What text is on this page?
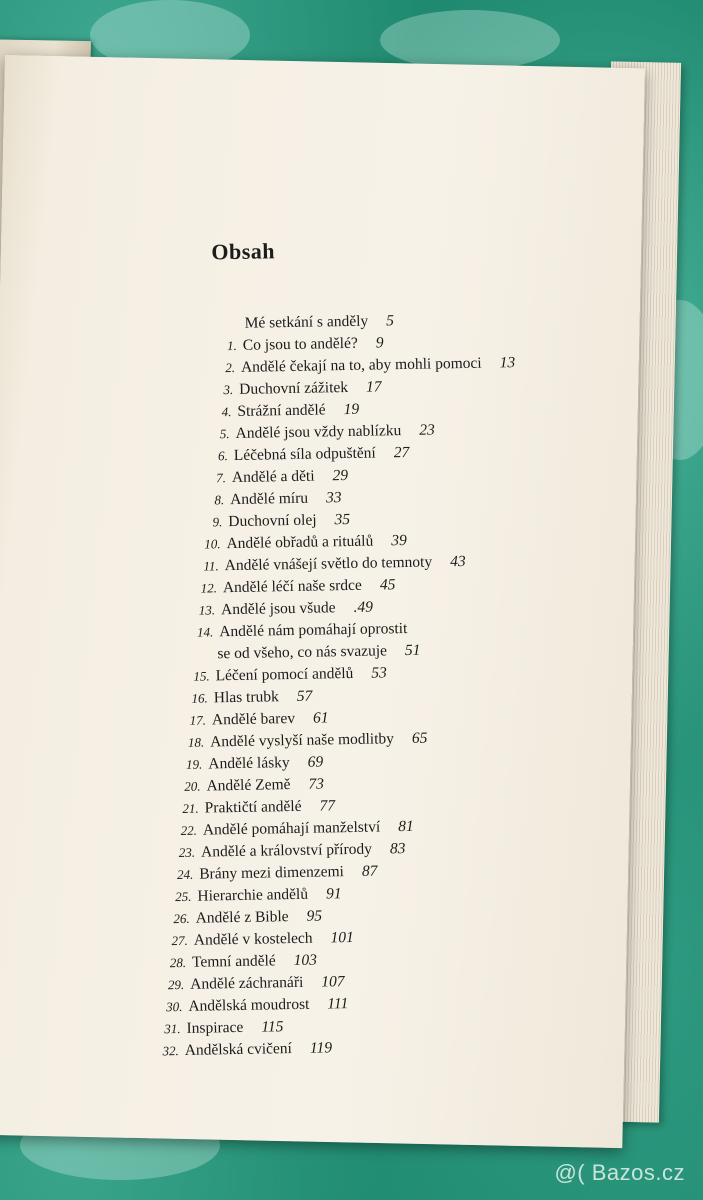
Obsah
Mé setkání s anděly 5
1. Co jsou to andělé? 9
2. Andělé čekají na to, aby mohli pomoci 13
3. Duchovní zážitek 17
4. Strážní andělé 19
5. Andělé jsou vždy nablízku 23
6. Léčebná síla odpuštění 27
7. Andělé a děti 29
8. Andělé míru 33
9. Duchovní olej 35
10. Andělé obřadů a rituálů 39
11. Andělé vnášejí světlo do temnoty 43
12. Andělé léčí naše srdce 45
13. Andělé jsou všude .49
14. Andělé nám pomáhají oprostit
se od všeho, co nás svazuje 51
15. Léčení pomocí andělů 53
16. Hlas trubk 57
17. Andělé barev 61
18. Andělé vyslyší naše modlitby 65
19. Andělé lásky 69
20. Andělé Země 73
21. Praktičtí andělé 77
22. Andělé pomáhají manželství 81
23. Andělé a království přírody 83
24. Brány mezi dimenzemi 87
25. Hierarchie andělů 91
26. Andělé z Bible 95
27. Andělé v kostelech 101
28. Temní andělé 103
29. Andělé záchranáři 107
30. Andělská moudrost 111
31. Inspirace 115
32. Andělská cvičení 119
@( Bazos.cz
